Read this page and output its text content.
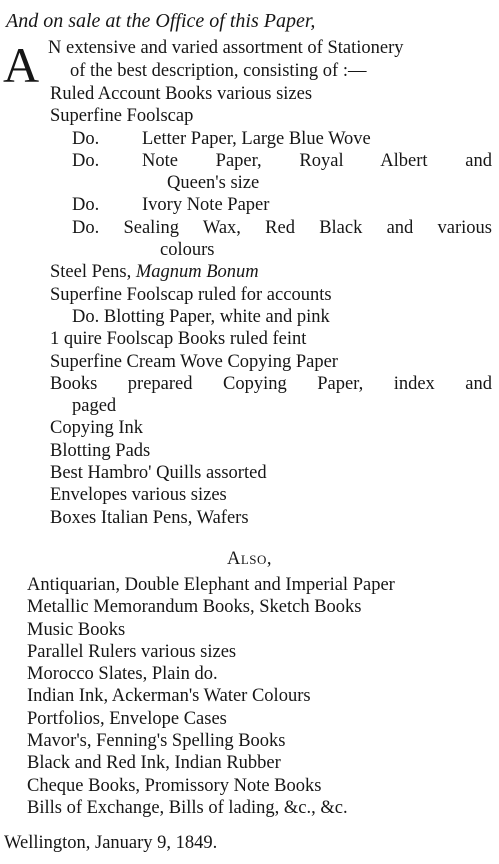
And on sale at the Office of this Paper,
A N extensive and varied assortment of Stationery
of the best description, consisting of :—
Ruled Account Books various sizes
Superfine Foolscap
Do. Letter Paper, Large Blue Wove
Do.	Note Paper, Royal Albert and
Queen's size
Do. Ivory Note Paper
Do. Sealing Wax, Red Black and various
colours
Steel Pens, Magnum Bonum
Superfine Foolscap ruled for accounts
Do. Blotting Paper, white and pink
1 quire Foolscap Books ruled feint
Superfine Cream Wove Copying Paper
Books prepared Copying Paper, index and
paged
Copying Ink
Blotting Pads
Best Hambro' Quills assorted
Envelopes various sizes
Boxes Italian Pens, Wafers
Also,
Antiquarian, Double Elephant and Imperial Paper
Metallic Memorandum Books, Sketch Books
Music Books
Parallel Rulers various sizes
Morocco Slates, Plain do.
Indian Ink, Ackerman's Water Colours
Portfolios, Envelope Cases
Mavor's, Fenning's Spelling Books
Black and Red Ink, Indian Rubber
Cheque Books, Promissory Note Books
Bills of Exchange, Bills of lading, &c., &c.
Wellington, January 9, 1849.
